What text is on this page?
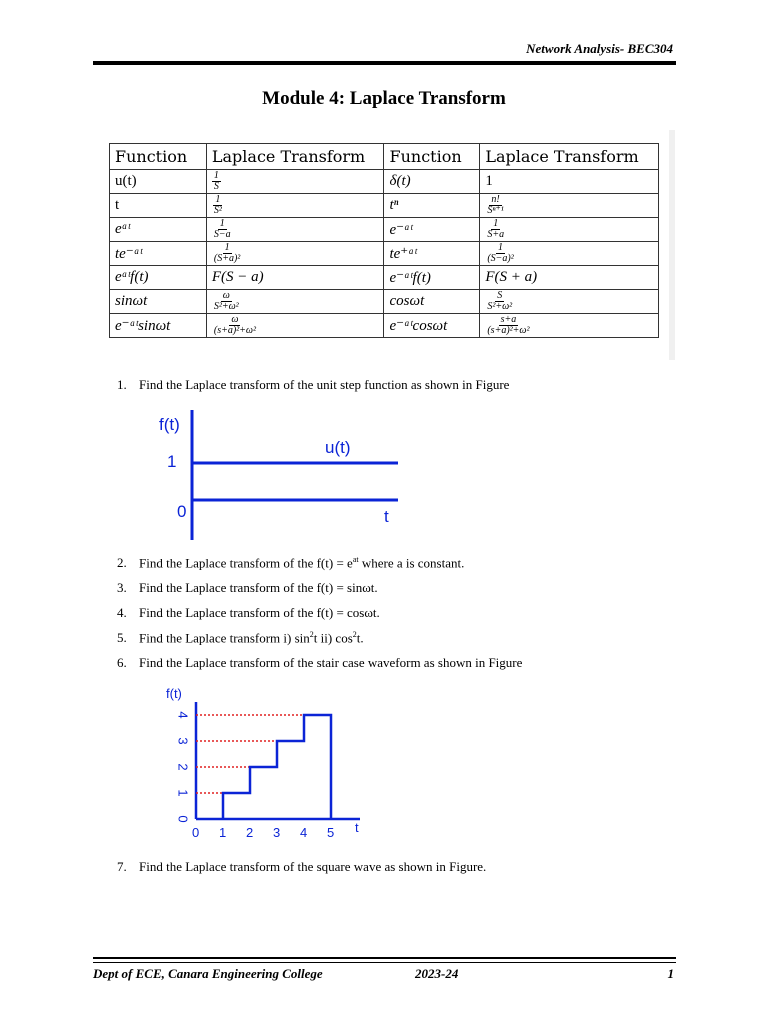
Network Analysis- BEC304
Module 4: Laplace Transform
Function	Laplace Transform	Function	Laplace Transform
u(t)	$\frac{1}{S}$	δ(t)	1
t	$\frac{1}{\text{S²}}$	tⁿ	$\frac{n!}{\text{Sⁿ⁺¹}}$

eᵃᵗ	$\frac{1}{S-a}$	e⁻ᵃᵗ	$\frac{1}{S+a}$

te⁻ᵃᵗ	$\frac{1}{\text{(S+a)²}}$	te⁺ᵃᵗ	$\frac{1}{\text{(S−a)²}}$

eᵃᵗf(t)	F(S − a)	e⁻ᵃᵗf(t)	F(S + a)
sinωt	$\frac{\omega}{\text{S²+ω²}}$	cosωt	$\frac{S}{\text{S²+ω²}}$

e⁻ᵃᵗsinωt	$\frac{\omega}{\text{(s+a)²+ω²}}$	e⁻ᵃᵗcosωt	$\frac{s+a}{\text{(s+a)²+ω²}}$
1. Find the Laplace transform of the unit step function as shown in Figure
f(t)
u(t)
1
0	t
2. Find the Laplace transform of the $f(t) = e^{at}$ where a is constant.
3. Find the Laplace transform of the f(t) = sinωt.
4. Find the Laplace transform of the f(t) = cosωt.
5. Find the Laplace transform i) $\sin^2t$ ii) $\cos^2t$.
6. Find the Laplace transform of the stair case waveform as shown in Figure
f(t)
t
0 1 2 3 4 5
0
1
2
3
4
7. Find the Laplace transform of the square wave as shown in Figure.
Dept of ECE, Canara Engineering College	2023-24	1
